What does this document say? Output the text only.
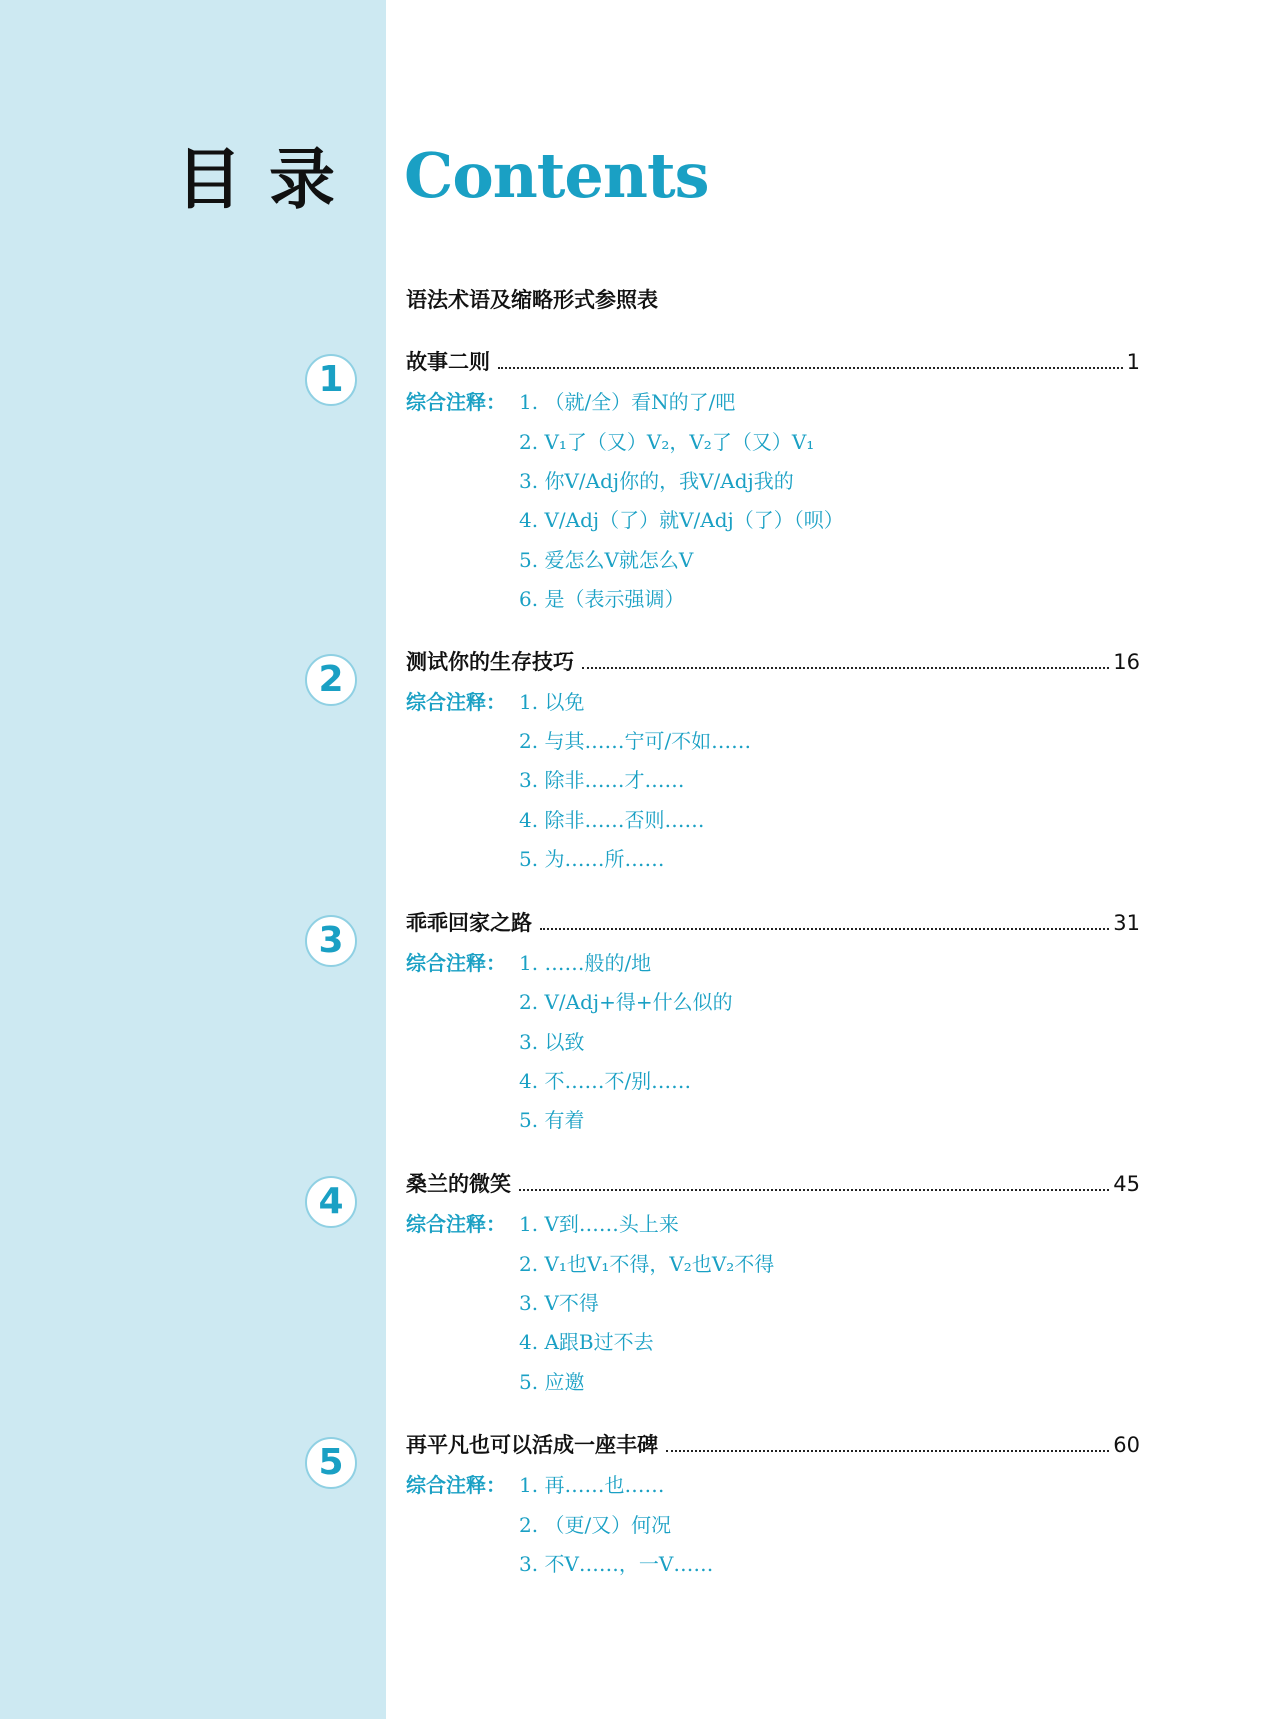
目 录	Contents
语法术语及缩略形式参照表
1	故事二则	1
综合注释： 1. （就/全）看N的了/吧
2. V₁了（又）V₂，V₂了（又）V₁
3. 你V/Adj你的，我V/Adj我的
4. V/Adj（了）就V/Adj（了）（呗）
5. 爱怎么V就怎么V
6. 是（表示强调）
2	测试你的生存技巧	16
综合注释： 1. 以免
2. 与其……宁可/不如……
3. 除非……才……
4. 除非……否则……
5. 为……所……
3	乖乖回家之路	31
综合注释： 1. ……般的/地
2. V/Adj+得+什么似的
3. 以致
4. 不……不/别……
5. 有着
4	桑兰的微笑	45
综合注释： 1. V到……头上来
2. V₁也V₁不得，V₂也V₂不得
3. V不得
4. A跟B过不去
5. 应邀
5	再平凡也可以活成一座丰碑	60
综合注释： 1. 再……也……
2. （更/又）何况
3. 不V……，一V……
